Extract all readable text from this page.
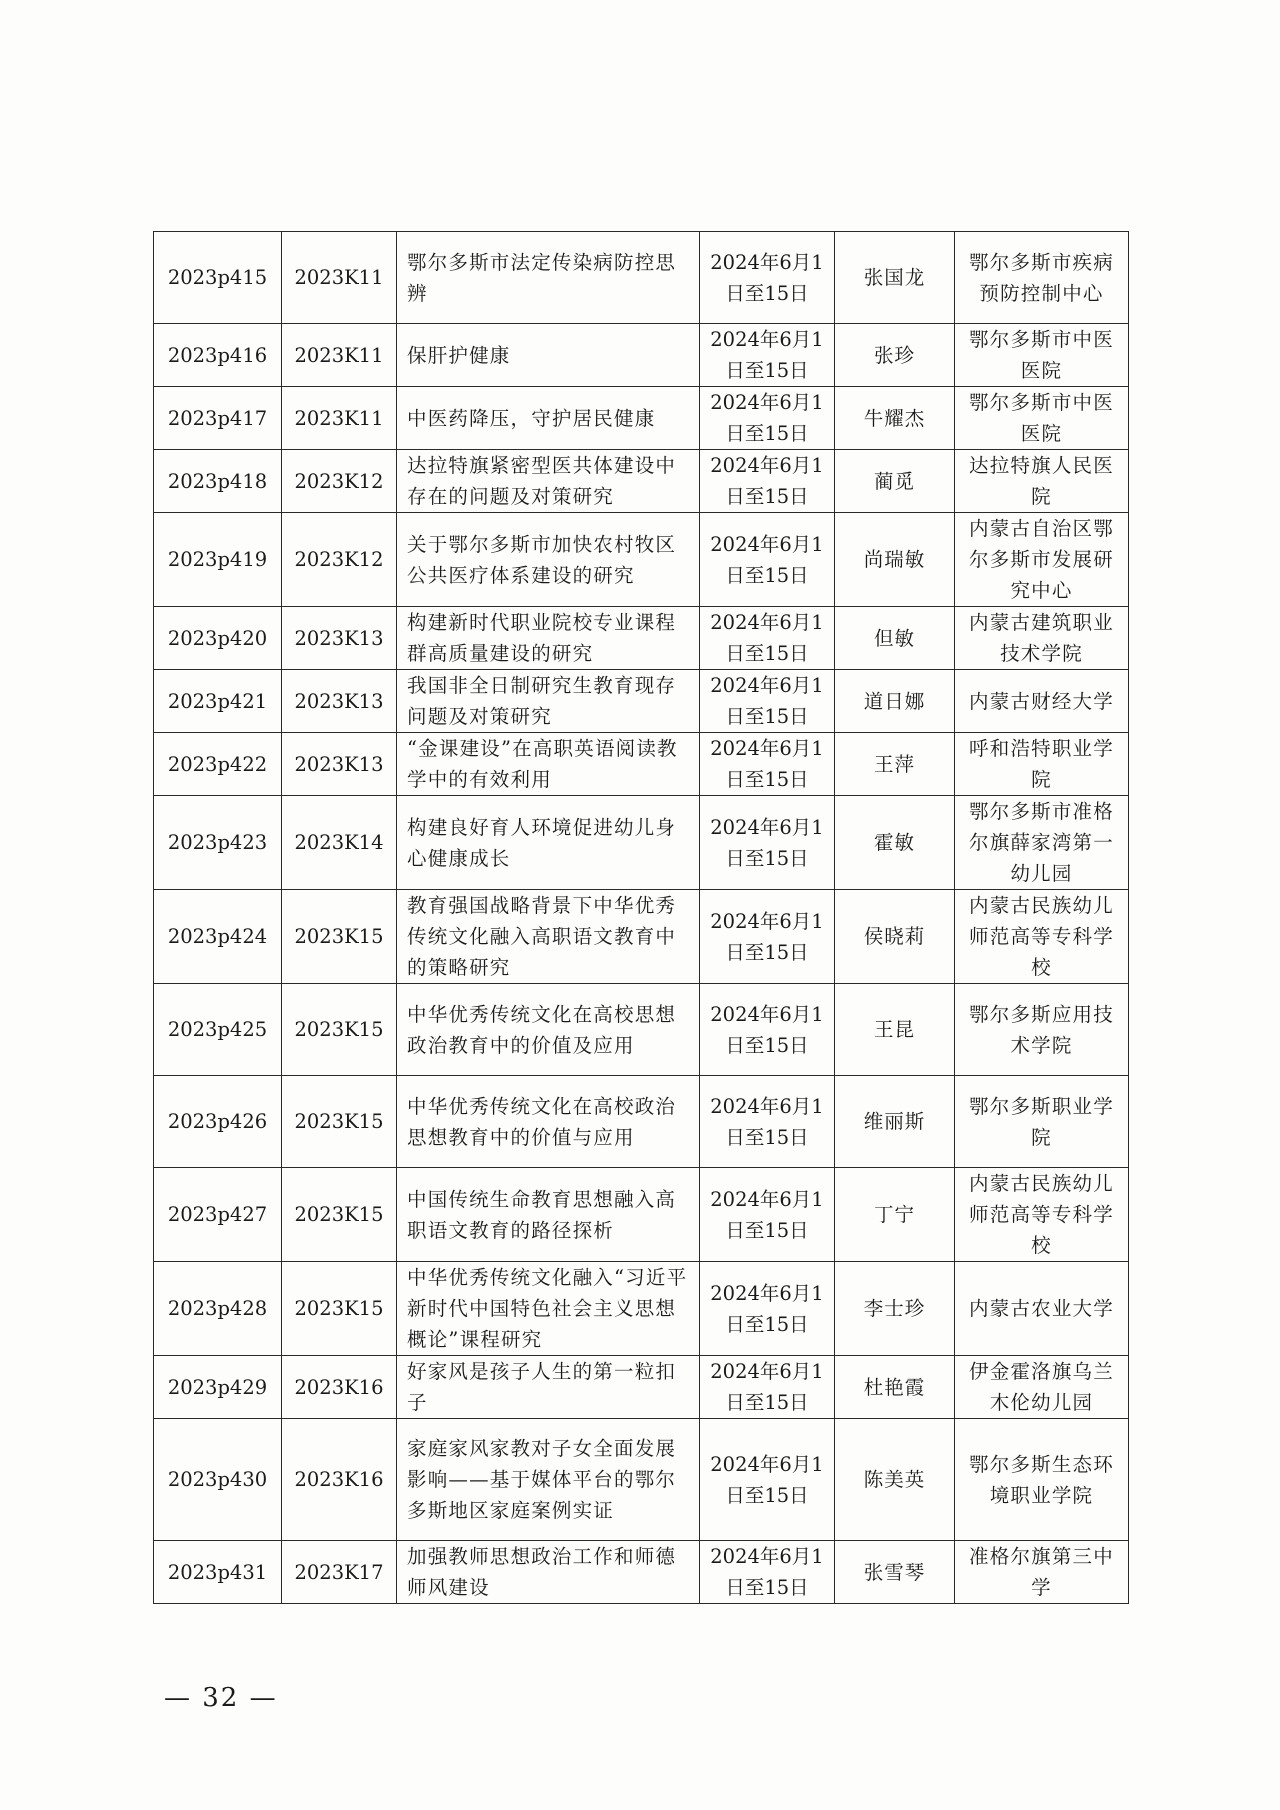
2023p415	2023K11	鄂尔多斯市法定传染病防控思辨	2024年6月1日至15日	张国龙	鄂尔多斯市疾病预防控制中心
2023p416	2023K11	保肝护健康	2024年6月1日至15日	张珍	鄂尔多斯市中医医院
2023p417	2023K11	中医药降压，守护居民健康	2024年6月1日至15日	牛耀杰	鄂尔多斯市中医医院
2023p418	2023K12	达拉特旗紧密型医共体建设中存在的问题及对策研究	2024年6月1日至15日	蔺觅	达拉特旗人民医院
2023p419	2023K12	关于鄂尔多斯市加快农村牧区公共医疗体系建设的研究	2024年6月1日至15日	尚瑞敏	内蒙古自治区鄂尔多斯市发展研究中心
2023p420	2023K13	构建新时代职业院校专业课程群高质量建设的研究	2024年6月1日至15日	但敏	内蒙古建筑职业技术学院
2023p421	2023K13	我国非全日制研究生教育现存问题及对策研究	2024年6月1日至15日	道日娜	内蒙古财经大学
2023p422	2023K13	“金课建设”在高职英语阅读教学中的有效利用	2024年6月1日至15日	王萍	呼和浩特职业学院
2023p423	2023K14	构建良好育人环境促进幼儿身心健康成长	2024年6月1日至15日	霍敏	鄂尔多斯市准格尔旗薛家湾第一幼儿园
2023p424	2023K15	教育强国战略背景下中华优秀传统文化融入高职语文教育中的策略研究	2024年6月1日至15日	侯晓莉	内蒙古民族幼儿师范高等专科学校
2023p425	2023K15	中华优秀传统文化在高校思想政治教育中的价值及应用	2024年6月1日至15日	王昆	鄂尔多斯应用技术学院
2023p426	2023K15	中华优秀传统文化在高校政治思想教育中的价值与应用	2024年6月1日至15日	维丽斯	鄂尔多斯职业学院
2023p427	2023K15	中国传统生命教育思想融入高职语文教育的路径探析	2024年6月1日至15日	丁宁	内蒙古民族幼儿师范高等专科学校
2023p428	2023K15	中华优秀传统文化融入“习近平新时代中国特色社会主义思想概论”课程研究	2024年6月1日至15日	李士珍	内蒙古农业大学
2023p429	2023K16	好家风是孩子人生的第一粒扣子	2024年6月1日至15日	杜艳霞	伊金霍洛旗乌兰木伦幼儿园
2023p430	2023K16	家庭家风家教对子女全面发展影响——基于媒体平台的鄂尔多斯地区家庭案例实证	2024年6月1日至15日	陈美英	鄂尔多斯生态环境职业学院
2023p431	2023K17	加强教师思想政治工作和师德师风建设	2024年6月1日至15日	张雪琴	准格尔旗第三中学
— 32 —
